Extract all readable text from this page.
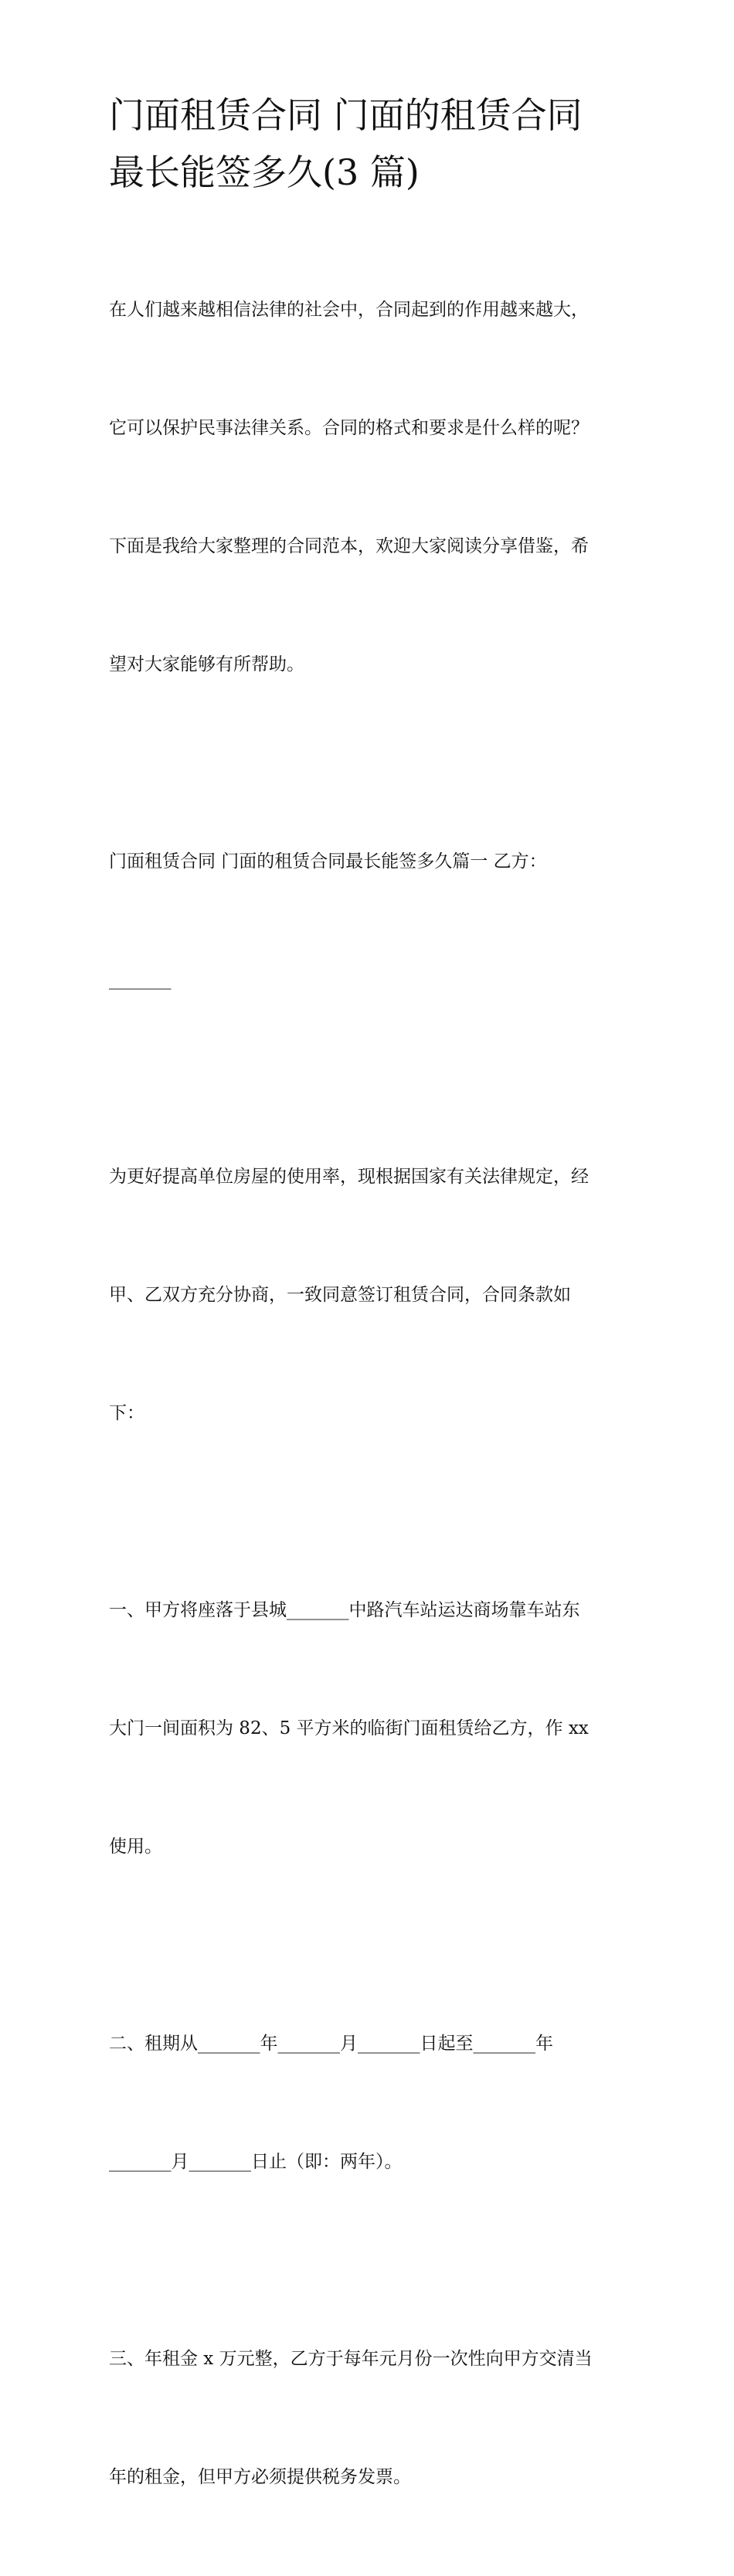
门面租赁合同 门面的租赁合同
最长能签多久(3 篇)

在人们越来越相信法律的社会中，合同起到的作用越来越大，

它可以保护民事法律关系。合同的格式和要求是什么样的呢？

下面是我给大家整理的合同范本，欢迎大家阅读分享借鉴，希

望对大家能够有所帮助。

门面租赁合同 门面的租赁合同最长能签多久篇一 乙方：

_______

为更好提高单位房屋的使用率，现根据国家有关法律规定，经

甲、乙双方充分协商，一致同意签订租赁合同，合同条款如

下：

一、甲方将座落于县城_______中路汽车站运达商场靠车站东

大门一间面积为 82、5 平方米的临街门面租赁给乙方，作 xx

使用。

二、租期从_______年_______月_______日起至_______年

_______月_______日止（即：两年）。

三、年租金 x 万元整，乙方于每年元月份一次性向甲方交清当

年的租金，但甲方必须提供税务发票。
